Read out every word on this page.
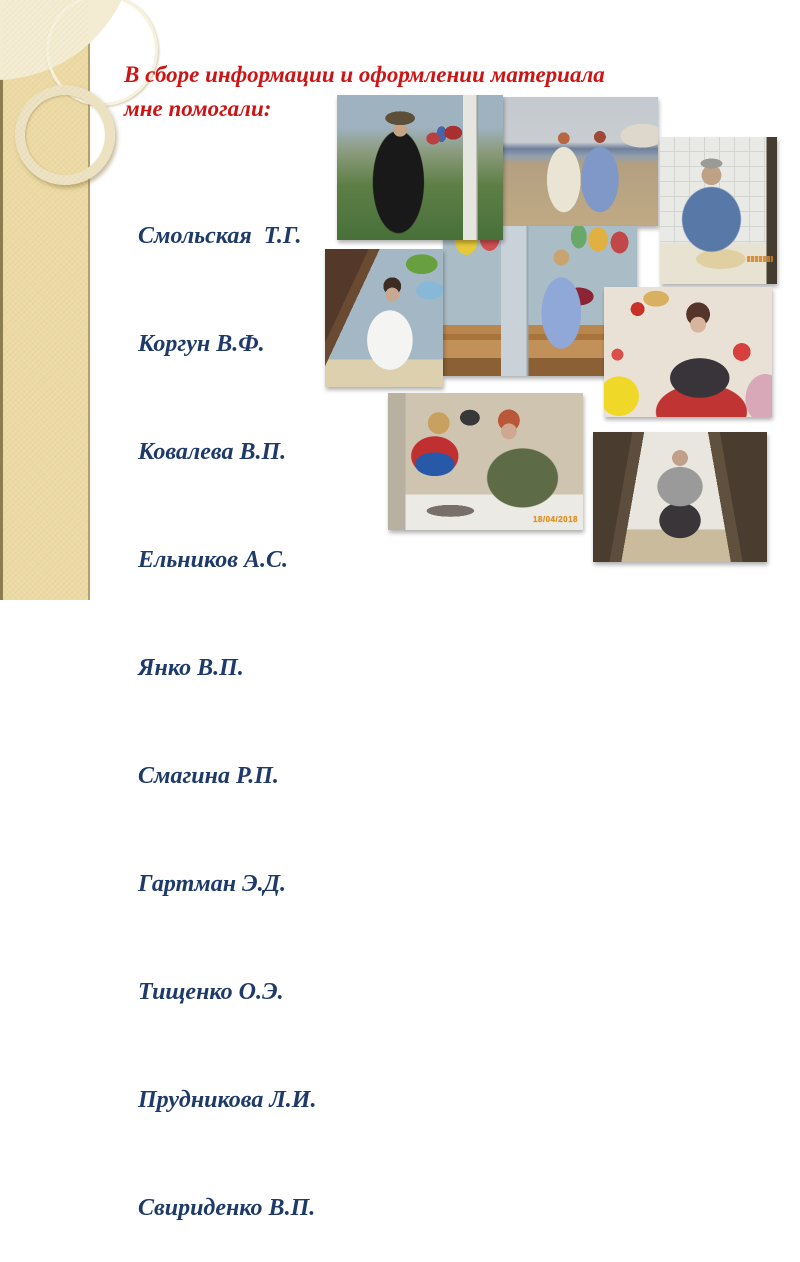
В сборе информации и оформлении материала
мне помогали:

Смольская  Т.Г.

Коргун В.Ф.

Ковалева В.П.

Ельников А.С.

Янко В.П.

Смагина Р.П.

Гартман Э.Д.

Тищенко О.Э.

Прудникова Л.И.

Свириденко В.П.

18/04/2018
